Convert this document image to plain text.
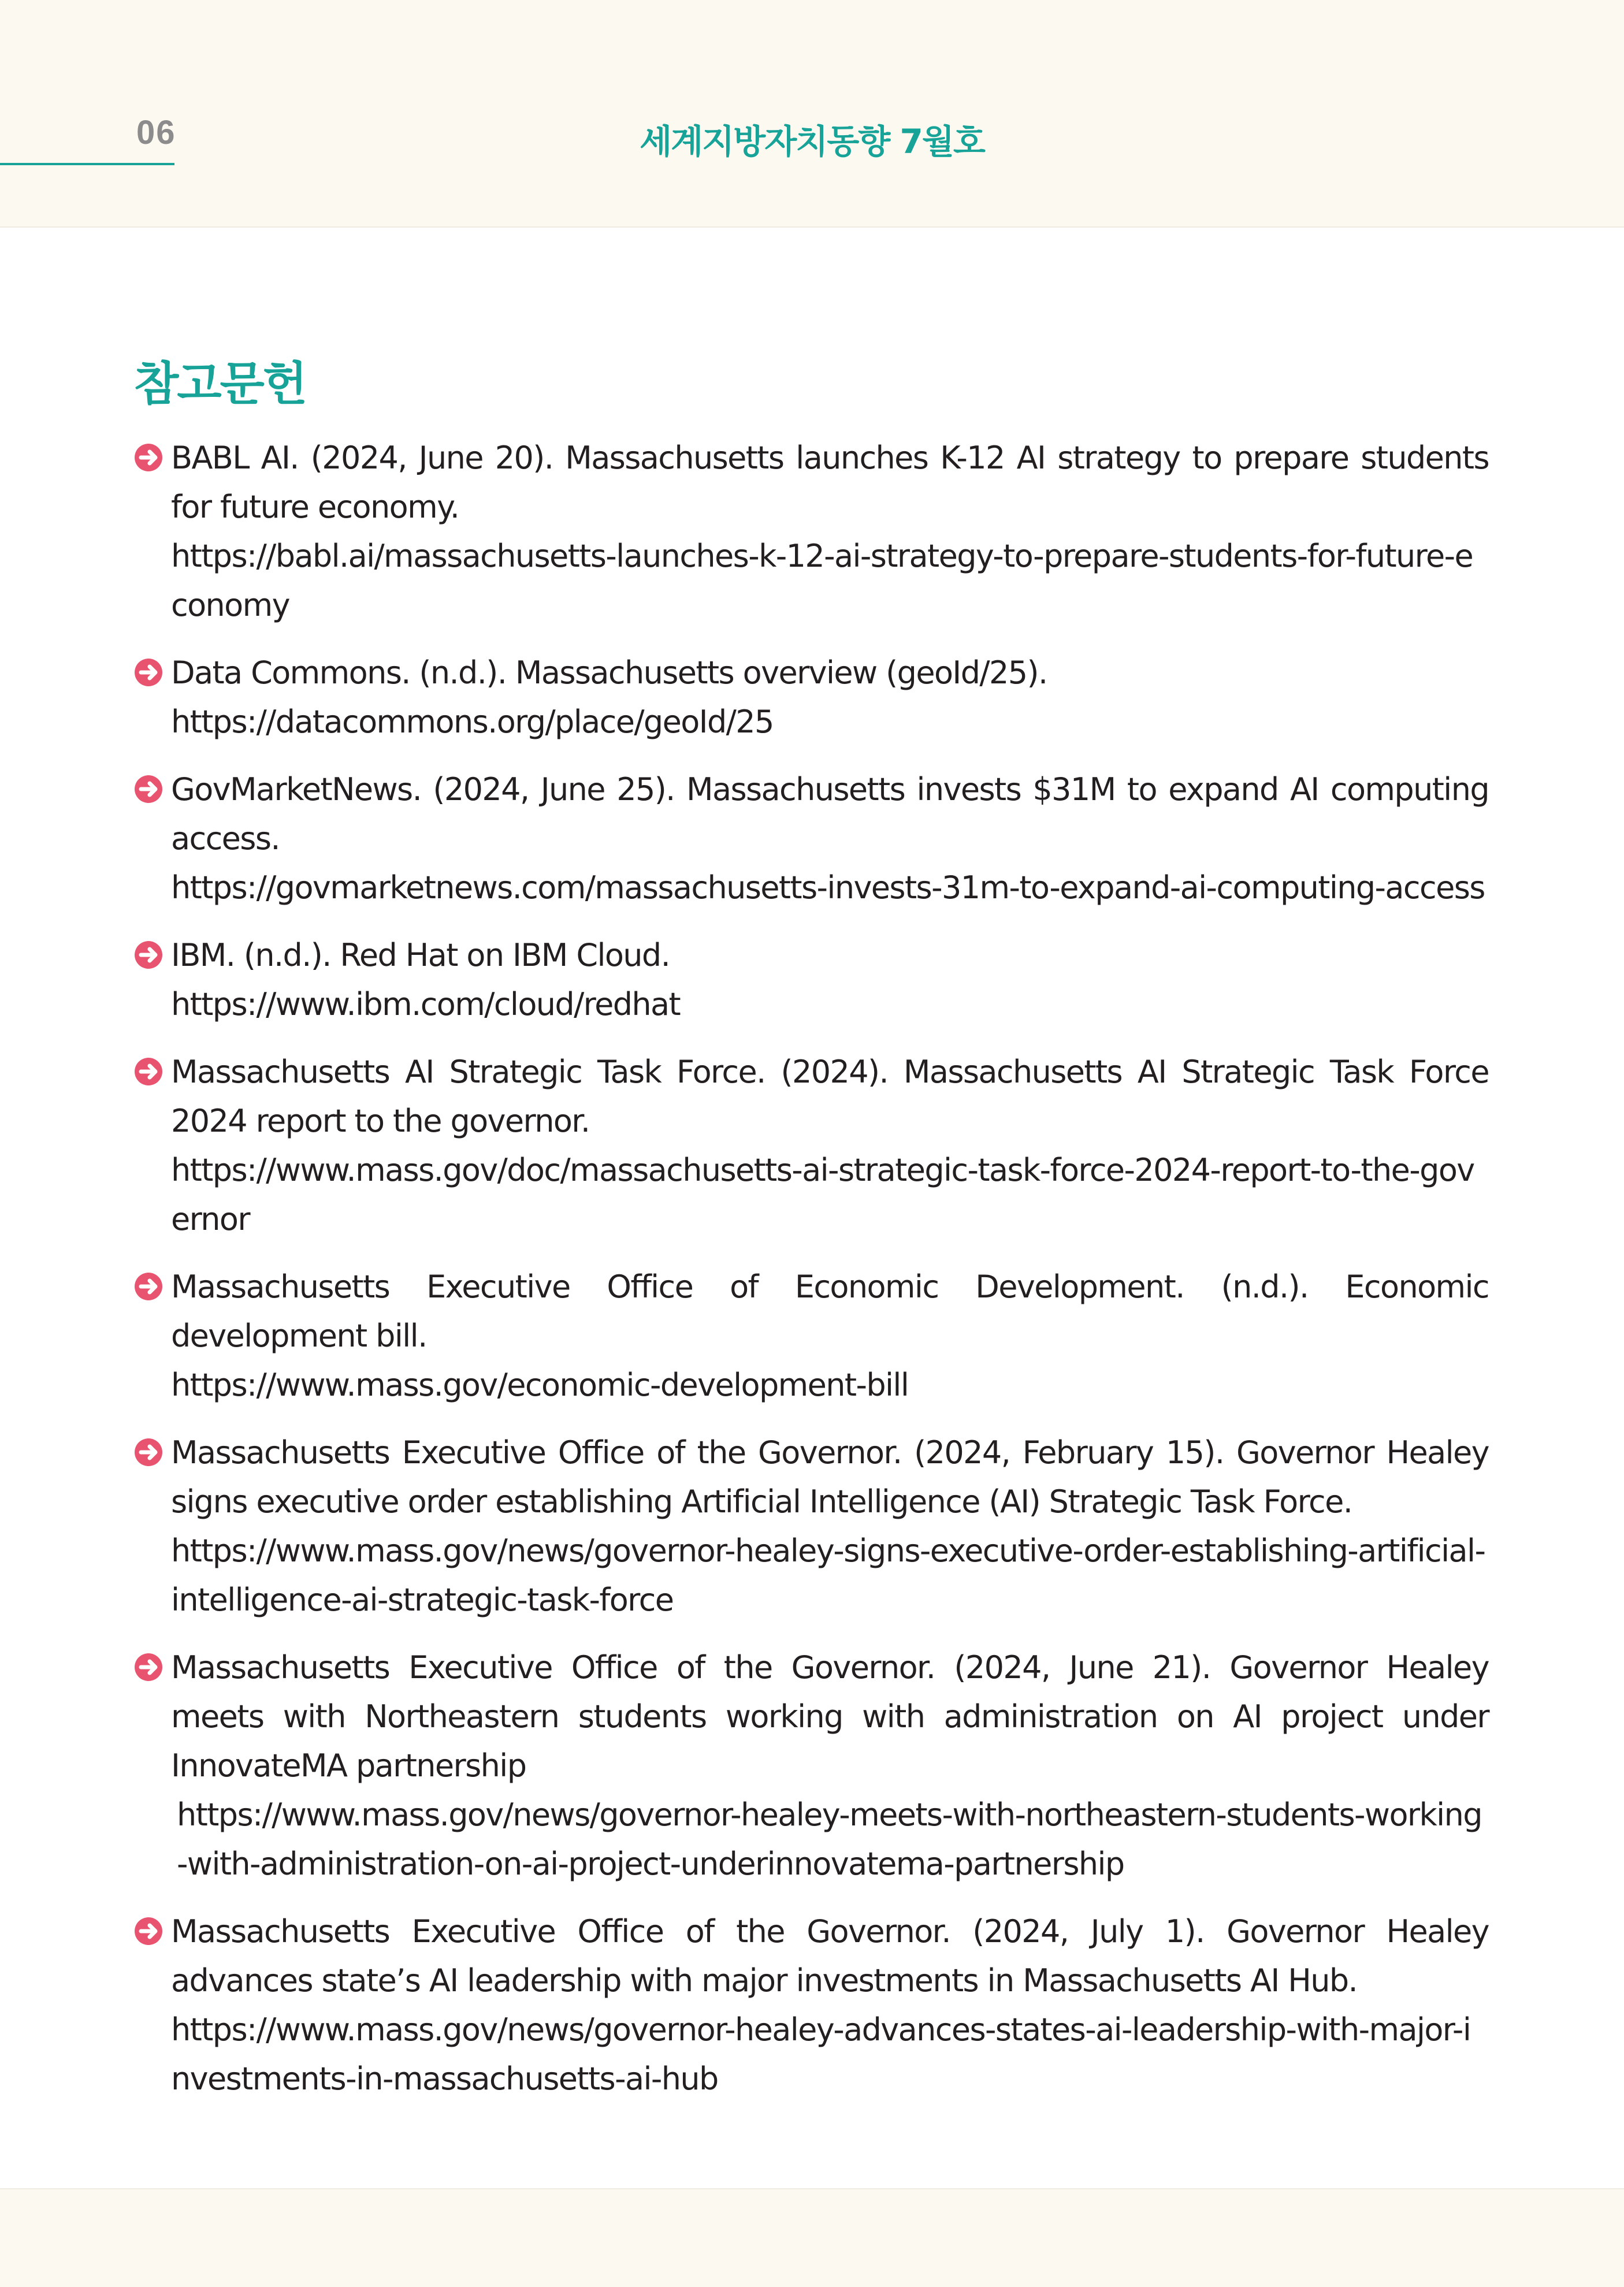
06	세계지방자치동향 7월호
참고문헌
BABL AI. (2024, June 20). Massachusetts launches K-12 AI strategy to prepare students for future economy.
https://babl.ai/massachusetts-launches-k-12-ai-strategy-to-prepare-students-for-future-economy
Data Commons. (n.d.). Massachusetts overview (geoId/25).
https://datacommons.org/place/geoId/25
GovMarketNews. (2024, June 25). Massachusetts invests $31M to expand AI computing access.
https://govmarketnews.com/massachusetts-invests-31m-to-expand-ai-computing-access
IBM. (n.d.). Red Hat on IBM Cloud.
https://www.ibm.com/cloud/redhat
Massachusetts AI Strategic Task Force. (2024). Massachusetts AI Strategic Task Force 2024 report to the governor.
https://www.mass.gov/doc/massachusetts-ai-strategic-task-force-2024-report-to-the-governor
Massachusetts Executive Office of Economic Development. (n.d.). Economic development bill.
https://www.mass.gov/economic-development-bill
Massachusetts Executive Office of the Governor. (2024, February 15). Governor Healey signs executive order establishing Artificial Intelligence (AI) Strategic Task Force.
https://www.mass.gov/news/governor-healey-signs-executive-order-establishing-artificial-intelligence-ai-strategic-task-force
Massachusetts Executive Office of the Governor. (2024, June 21). Governor Healey meets with Northeastern students working with administration on AI project under InnovateMA partnership
https://www.mass.gov/news/governor-healey-meets-with-northeastern-students-working-with-administration-on-ai-project-underinnovatema-partnership
Massachusetts Executive Office of the Governor. (2024, July 1). Governor Healey advances state’s AI leadership with major investments in Massachusetts AI Hub.
https://www.mass.gov/news/governor-healey-advances-states-ai-leadership-with-major-investments-in-massachusetts-ai-hub
